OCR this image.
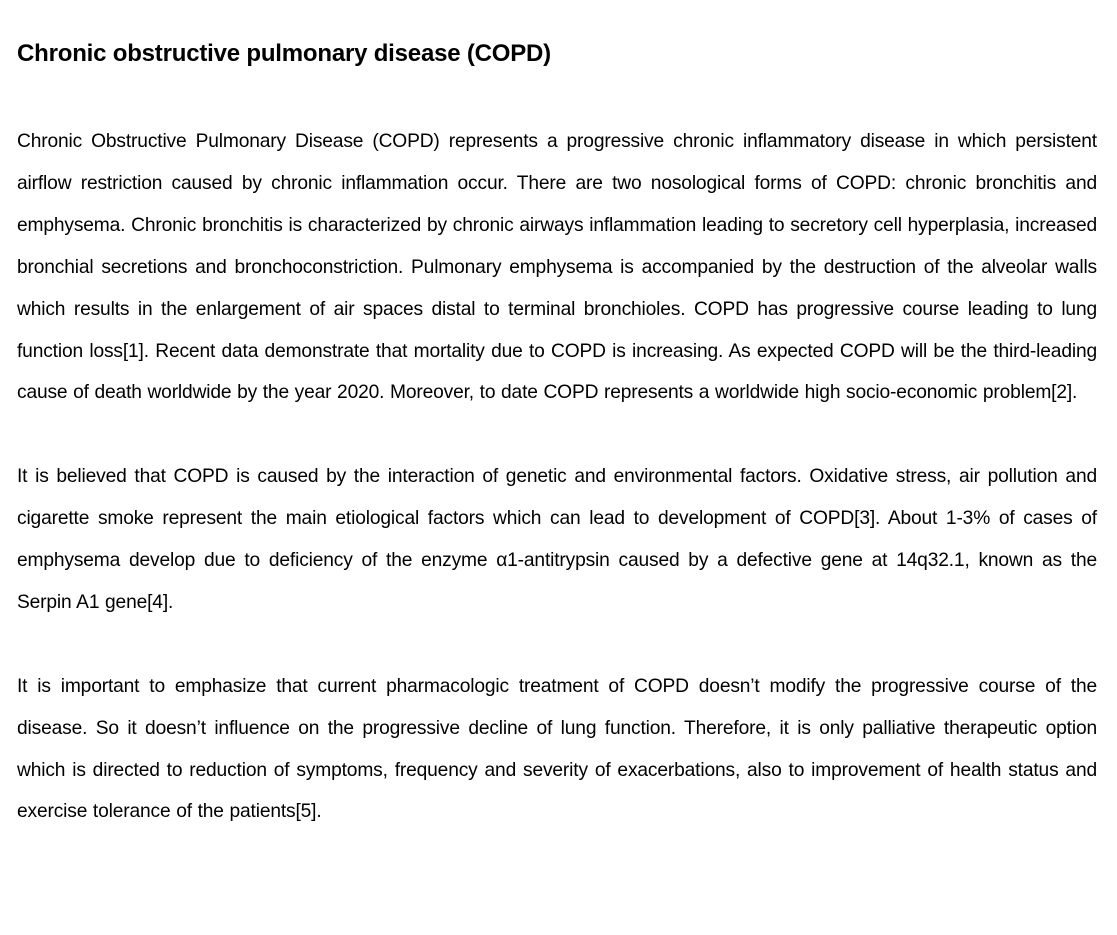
Chronic obstructive pulmonary disease (COPD)

Chronic Obstructive Pulmonary Disease (COPD) represents a progressive chronic inflammatory disease in which persistent airflow restriction caused by chronic inflammation occur. There are two nosological forms of COPD: chronic bronchitis and emphysema. Chronic bronchitis is characterized by chronic airways inflammation leading to secretory cell hyperplasia, increased bronchial secretions and bronchoconstriction. Pulmonary emphysema is accompanied by the destruction of the alveolar walls which results in the enlargement of air spaces distal to terminal bronchioles. COPD has progressive course leading to lung function loss[1]. Recent data demonstrate that mortality due to COPD is increasing. As expected COPD will be the third-leading cause of death worldwide by the year 2020. Moreover, to date COPD represents a worldwide high socio-economic problem[2].

It is believed that COPD is caused by the interaction of genetic and environmental factors. Oxidative stress, air pollution and cigarette smoke represent the main etiological factors which can lead to development of COPD[3]. About 1-3% of cases of emphysema develop due to deficiency of the enzyme α1-antitrypsin caused by a defective gene at 14q32.1, known as the Serpin A1 gene[4].

It is important to emphasize that current pharmacologic treatment of COPD doesn’t modify the progressive course of the disease. So it doesn’t influence on the progressive decline of lung function. Therefore, it is only palliative therapeutic option which is directed to reduction of symptoms, frequency and severity of exacerbations, also to improvement of health status and exercise tolerance of the patients[5].
